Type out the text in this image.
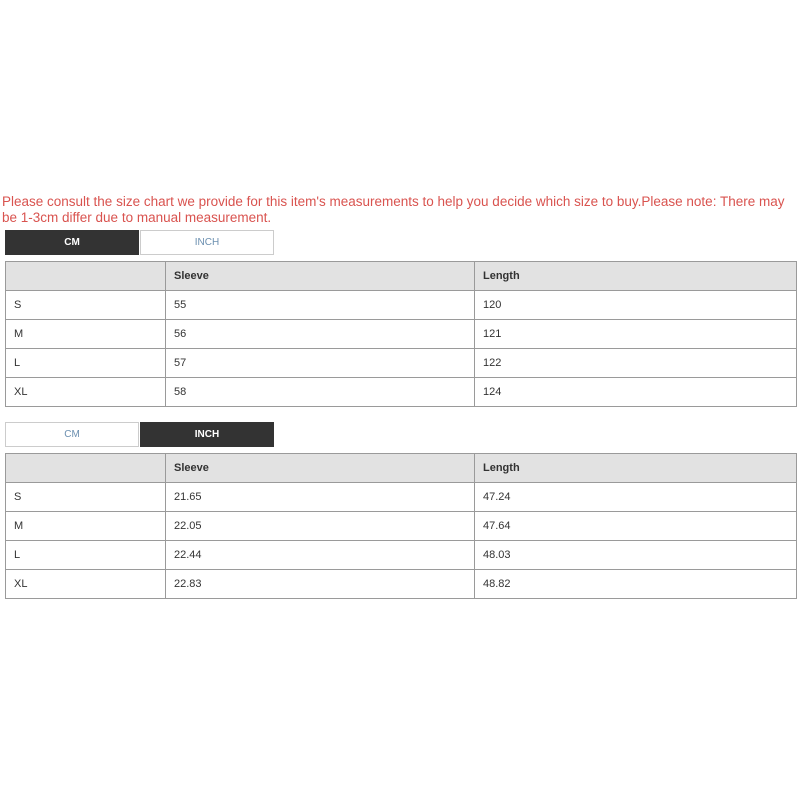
Please consult the size chart we provide for this item's measurements to help you decide which size to buy.Please note: There may be 1-3cm differ due to manual measurement.
CM	INCH
	Sleeve	Length
S	55	120
M	56	121
L	57	122
XL	58	124
CM	INCH
	Sleeve	Length
S	21.65	47.24
M	22.05	47.64
L	22.44	48.03
XL	22.83	48.82
